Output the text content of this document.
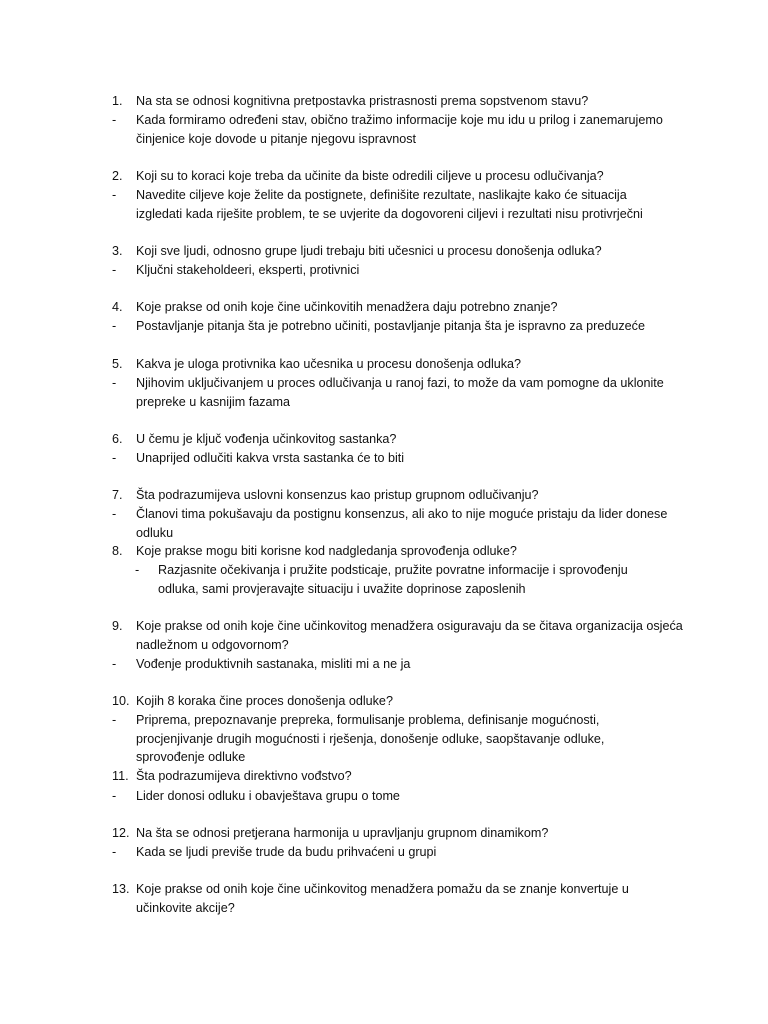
1. Na sta se odnosi kognitivna pretpostavka pristrasnosti prema sopstvenom stavu?
- Kada formiramo određeni stav, obično tražimo informacije koje mu idu u prilog i zanemarujemo
činjenice koje dovode u pitanje njegovu ispravnost
2. Koji su to koraci koje treba da učinite da biste odredili ciljeve u procesu odlučivanja?
- Navedite ciljeve koje želite da postignete, definišite rezultate, naslikajte kako će situacija
izgledati kada riješite problem, te se uvjerite da dogovoreni ciljevi i rezultati nisu protivrječni
3. Koji sve ljudi, odnosno grupe ljudi trebaju biti učesnici u procesu donošenja odluka?
- Ključni stakeholdeeri, eksperti, protivnici
4. Koje prakse od onih koje čine učinkovitih menadžera daju potrebno znanje?
- Postavljanje pitanja šta je potrebno učiniti, postavljanje pitanja šta je ispravno za preduzeće
5. Kakva je uloga protivnika kao učesnika u procesu donošenja odluka?
- Njihovim uključivanjem u proces odlučivanja u ranoj fazi, to može da vam pomogne da uklonite
prepreke u kasnijim fazama
6. U čemu je ključ vođenja učinkovitog sastanka?
- Unaprijed odlučiti kakva vrsta sastanka će to biti
7. Šta podrazumijeva uslovni konsenzus kao pristup grupnom odlučivanju?
- Članovi tima pokušavaju da postignu konsenzus, ali ako to nije moguće pristaju da lider donese
odluku
8. Koje prakse mogu biti korisne kod nadgledanja sprovođenja odluke?
- Razjasnite očekivanja i pružite podsticaje, pružite povratne informacije i sprovođenju
odluka, sami provjeravajte situaciju i uvažite doprinose zaposlenih
9. Koje prakse od onih koje čine učinkovitog menadžera osiguravaju da se čitava organizacija osjeća
nadležnom u odgovornom?
- Vođenje produktivnih sastanaka, misliti mi a ne ja
10. Kojih 8 koraka čine proces donošenja odluke?
- Priprema, prepoznavanje prepreka, formulisanje problema, definisanje mogućnosti,
procjenjivanje drugih mogućnosti i rješenja, donošenje odluke, saopštavanje odluke,
sprovođenje odluke
11. Šta podrazumijeva direktivno vođstvo?
- Lider donosi odluku i obavještava grupu o tome
12. Na šta se odnosi pretjerana harmonija u upravljanju grupnom dinamikom?
- Kada se ljudi previše trude da budu prihvaćeni u grupi
13. Koje prakse od onih koje čine učinkovitog menadžera pomažu da se znanje konvertuje u
učinkovite akcije?
